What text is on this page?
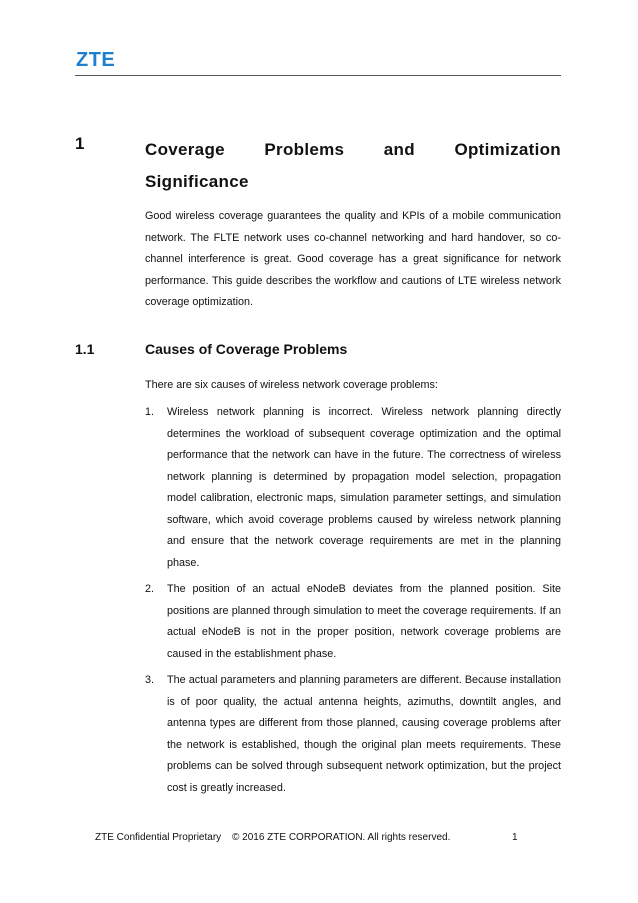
ZTE
1	Coverage Problems and Optimization Significance
Good wireless coverage guarantees the quality and KPIs of a mobile communication network. The FLTE network uses co-channel networking and hard handover, so co-channel interference is great. Good coverage has a great significance for network performance. This guide describes the workflow and cautions of LTE wireless network coverage optimization.
1.1	Causes of Coverage Problems
There are six causes of wireless network coverage problems:
1. Wireless network planning is incorrect. Wireless network planning directly determines the workload of subsequent coverage optimization and the optimal performance that the network can have in the future. The correctness of wireless network planning is determined by propagation model selection, propagation model calibration, electronic maps, simulation parameter settings, and simulation software, which avoid coverage problems caused by wireless network planning and ensure that the network coverage requirements are met in the planning phase.
2. The position of an actual eNodeB deviates from the planned position. Site positions are planned through simulation to meet the coverage requirements. If an actual eNodeB is not in the proper position, network coverage problems are caused in the establishment phase.
3. The actual parameters and planning parameters are different. Because installation is of poor quality, the actual antenna heights, azimuths, downtilt angles, and antenna types are different from those planned, causing coverage problems after the network is established, though the original plan meets requirements. These problems can be solved through subsequent network optimization, but the project cost is greatly increased.
ZTE Confidential Proprietary © 2016 ZTE CORPORATION. All rights reserved.	1
